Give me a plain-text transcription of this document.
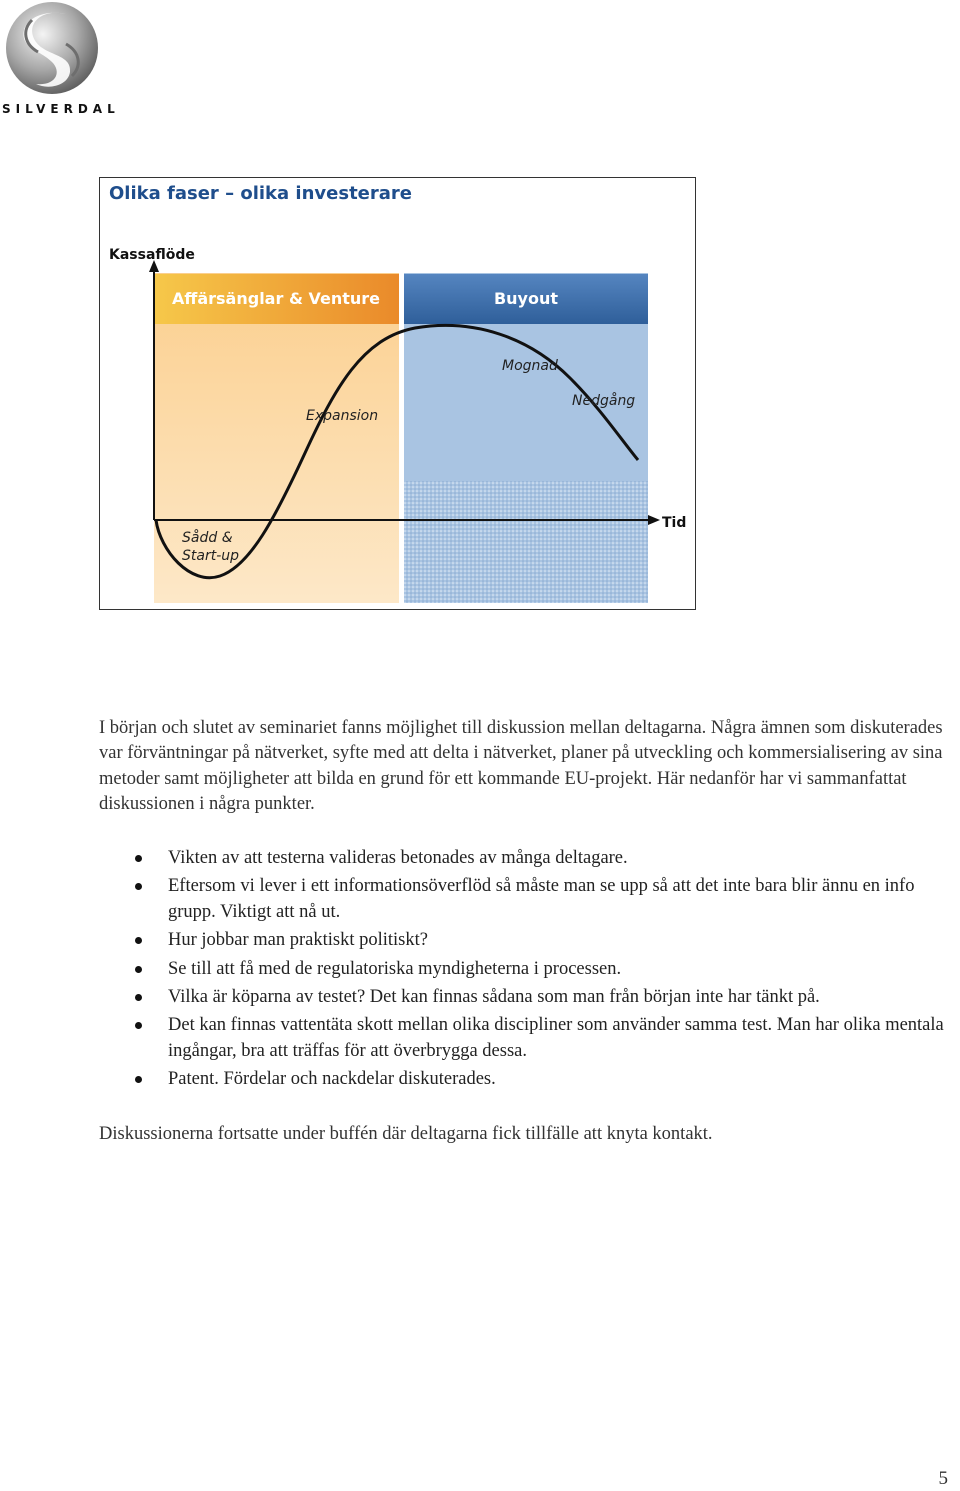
SILVERDAL
Affärsänglar & Venture	Buyout
Kassaflöde
Tid
Sådd &
Start-up
Expansion
Mognad
Nedgång
Olika faser – olika investerare

I början och slutet av seminariet fanns möjlighet till diskussion mellan deltagarna. Några ämnen som diskuterades var förväntningar på nätverket, syfte med att delta i nätverket, planer på utveckling och kommersialisering av sina metoder samt möjligheter att bilda en grund för ett kommande EU-projekt. Här nedanför har vi sammanfattat diskussionen i några punkter.

Vikten av att testerna valideras betonades av många deltagare.
Eftersom vi lever i ett informationsöverflöd så måste man se upp så att det inte bara blir ännu en info grupp. Viktigt att nå ut.
Hur jobbar man praktiskt politiskt?
Se till att få med de regulatoriska myndigheterna i processen.
Vilka är köparna av testet? Det kan finnas sådana som man från början inte har tänkt på.
Det kan finnas vattentäta skott mellan olika discipliner som använder samma test. Man har olika mentala ingångar, bra att träffas för att överbrygga dessa.
Patent. Fördelar och nackdelar diskuterades.

Diskussionerna fortsatte under buffén där deltagarna fick tillfälle att knyta kontakt.

5
